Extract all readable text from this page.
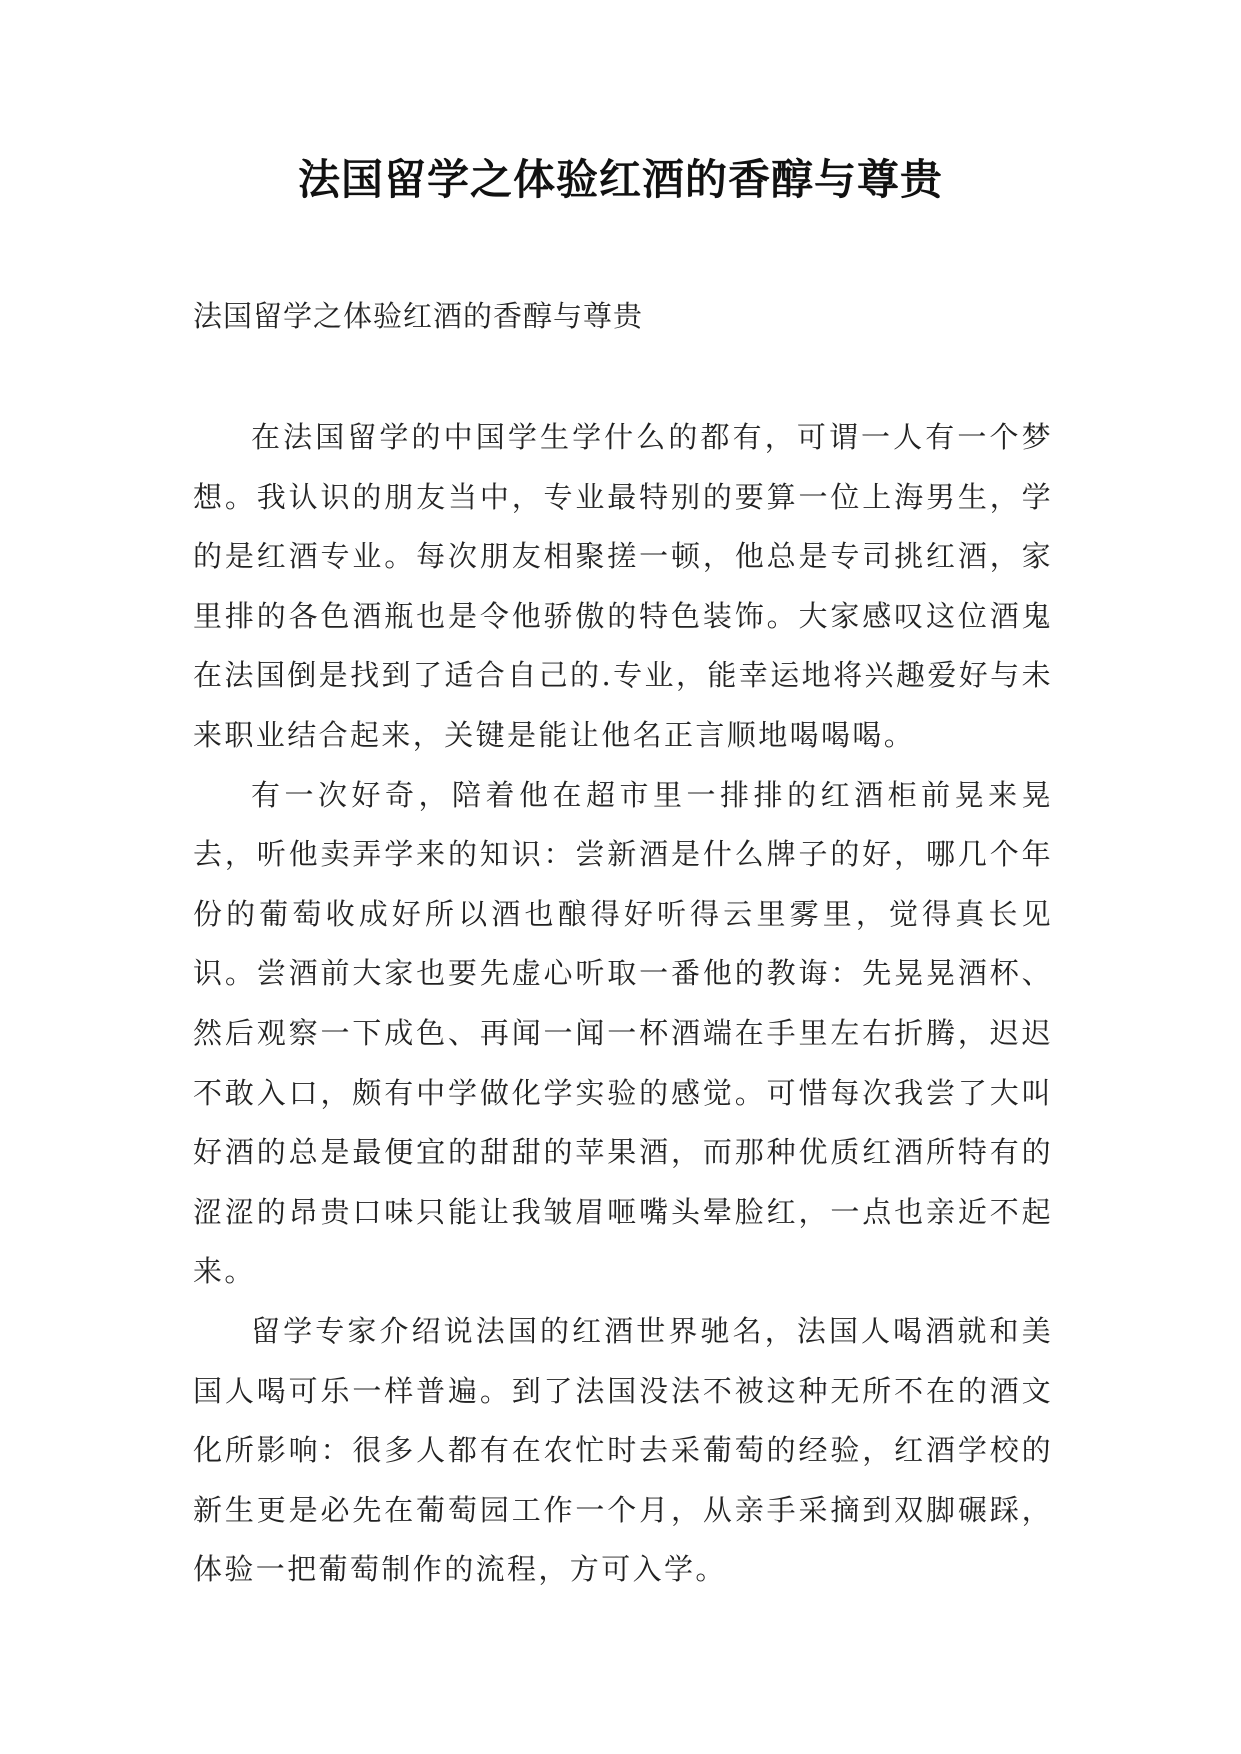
法国留学之体验红酒的香醇与尊贵
法国留学之体验红酒的香醇与尊贵

在法国留学的中国学生学什么的都有，可谓一人有一个梦想。我认识的朋友当中，专业最特别的要算一位上海男生，学的是红酒专业。每次朋友相聚搓一顿，他总是专司挑红酒，家里排的各色酒瓶也是令他骄傲的特色装饰。大家感叹这位酒鬼在法国倒是找到了适合自己的.专业，能幸运地将兴趣爱好与未来职业结合起来，关键是能让他名正言顺地喝喝喝。

有一次好奇，陪着他在超市里一排排的红酒柜前晃来晃去，听他卖弄学来的知识：尝新酒是什么牌子的好，哪几个年份的葡萄收成好所以酒也酿得好听得云里雾里，觉得真长见识。尝酒前大家也要先虚心听取一番他的教诲：先晃晃酒杯、然后观察一下成色、再闻一闻一杯酒端在手里左右折腾，迟迟不敢入口，颇有中学做化学实验的感觉。可惜每次我尝了大叫好酒的总是最便宜的甜甜的苹果酒，而那种优质红酒所特有的涩涩的昂贵口味只能让我皱眉咂嘴头晕脸红，一点也亲近不起来。

留学专家介绍说法国的红酒世界驰名，法国人喝酒就和美国人喝可乐一样普遍。到了法国没法不被这种无所不在的酒文化所影响：很多人都有在农忙时去采葡萄的经验，红酒学校的新生更是必先在葡萄园工作一个月，从亲手采摘到双脚碾踩，体验一把葡萄制作的流程，方可入学。
